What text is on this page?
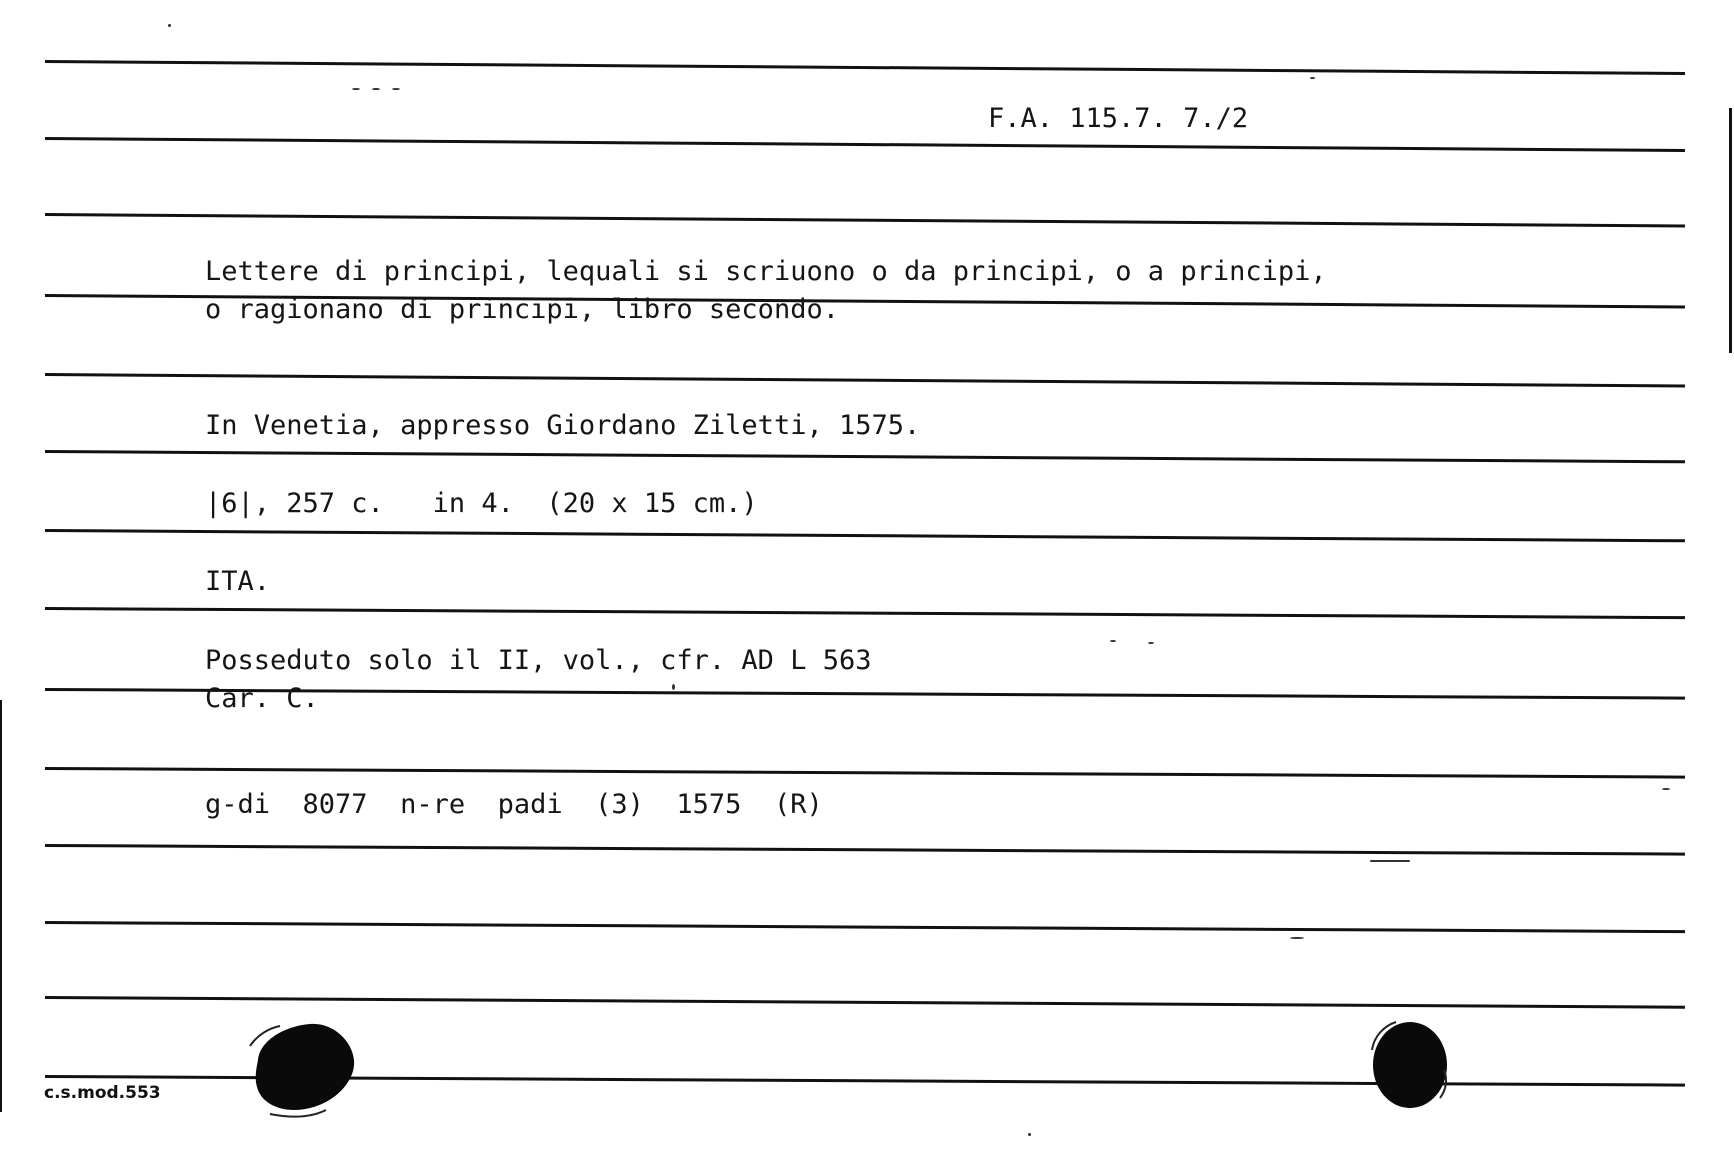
F.A. 115.7. 7./2
Lettere di principi, lequali si scriuono o da principi, o a principi,
o ragionano di principi, libro secondo.
In Venetia, appresso Giordano Ziletti, 1575.
|6|, 257 c.   in 4.  (20 x 15 cm.)
ITA.
Posseduto solo il II, vol., cfr. AD L 563
Car. C.
g-di  8077  n-re  padi  (3)  1575  (R)
c.s.mod.553
